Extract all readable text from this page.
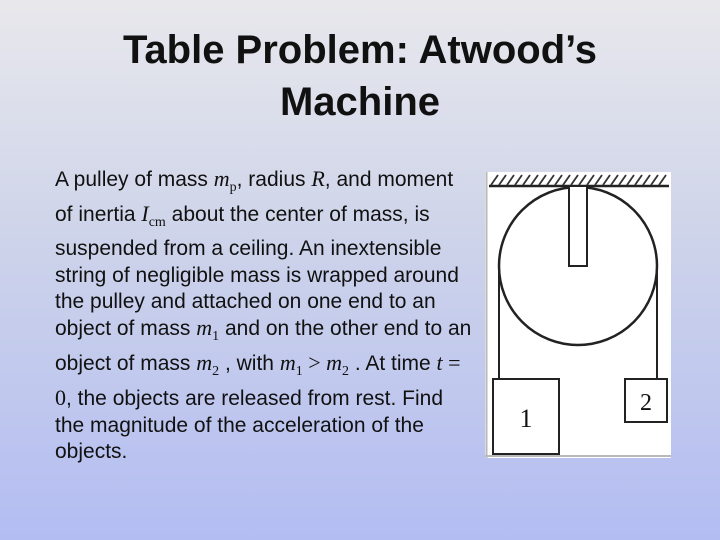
Table Problem: Atwood’s
Machine
A pulley of mass $m_p$, radius R, and moment of inertia $I_{cm}$ about the center of mass, is suspended from a ceiling. An inextensible string of negligible mass is wrapped around the pulley and attached on one end to an object of mass $m_1$ and on the other end to an object of mass $m_2$ , with $m_1 > m_2$ . At time t = 0, the objects are released from rest. Find the magnitude of the acceleration of the objects.
1
2
